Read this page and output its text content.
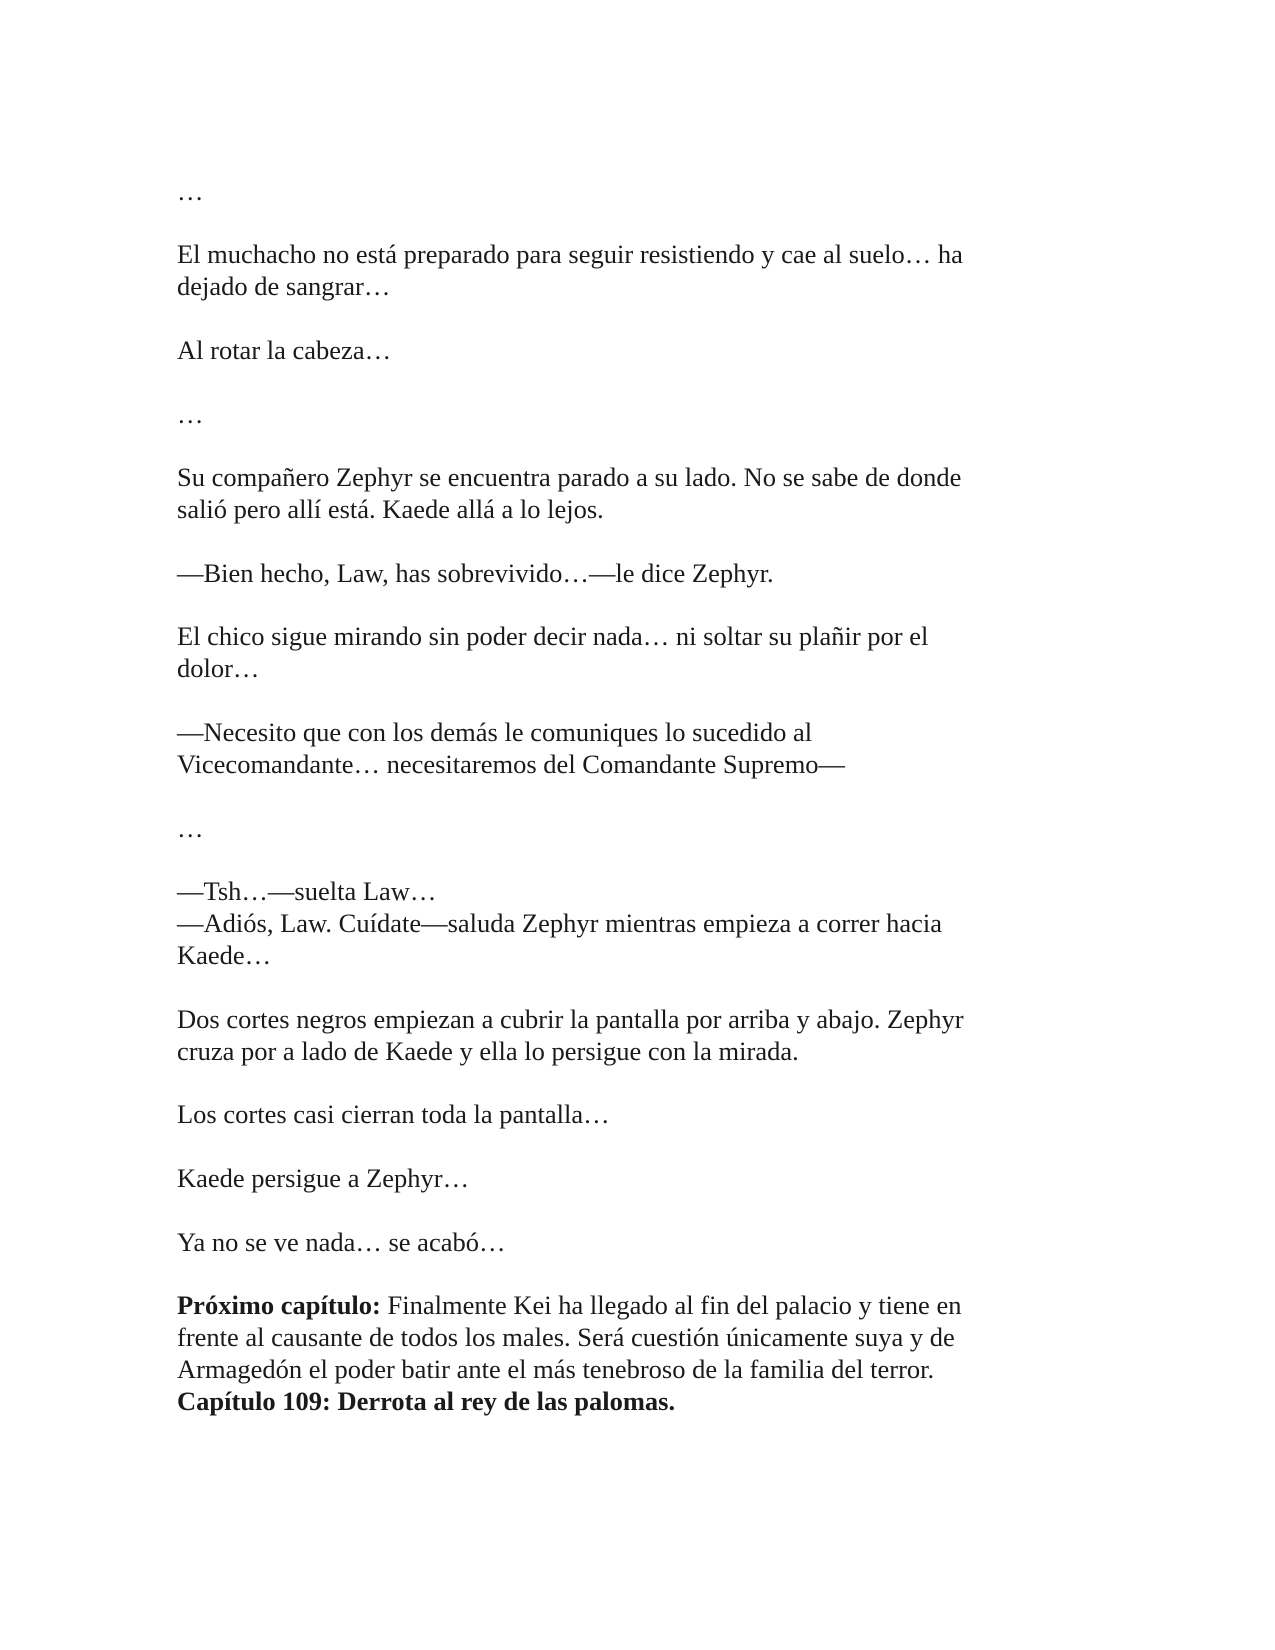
…

El muchacho no está preparado para seguir resistiendo y cae al suelo… ha

dejado de sangrar…

Al rotar la cabeza…

…

Su compañero Zephyr se encuentra parado a su lado. No se sabe de donde

salió pero allí está. Kaede allá a lo lejos.

—Bien hecho, Law, has sobrevivido…—le dice Zephyr.

El chico sigue mirando sin poder decir nada… ni soltar su plañir por el

dolor…

—Necesito que con los demás le comuniques lo sucedido al

Vicecomandante… necesitaremos del Comandante Supremo—

…

—Tsh…—suelta Law…

—Adiós, Law. Cuídate—saluda Zephyr mientras empieza a correr hacia

Kaede…

Dos cortes negros empiezan a cubrir la pantalla por arriba y abajo. Zephyr

cruza por a lado de Kaede y ella lo persigue con la mirada.

Los cortes casi cierran toda la pantalla…

Kaede persigue a Zephyr…

Ya no se ve nada… se acabó…

Próximo capítulo: Finalmente Kei ha llegado al fin del palacio y tiene en

frente al causante de todos los males. Será cuestión únicamente suya y de

Armagedón el poder batir ante el más tenebroso de la familia del terror.

Capítulo 109: Derrota al rey de las palomas.
